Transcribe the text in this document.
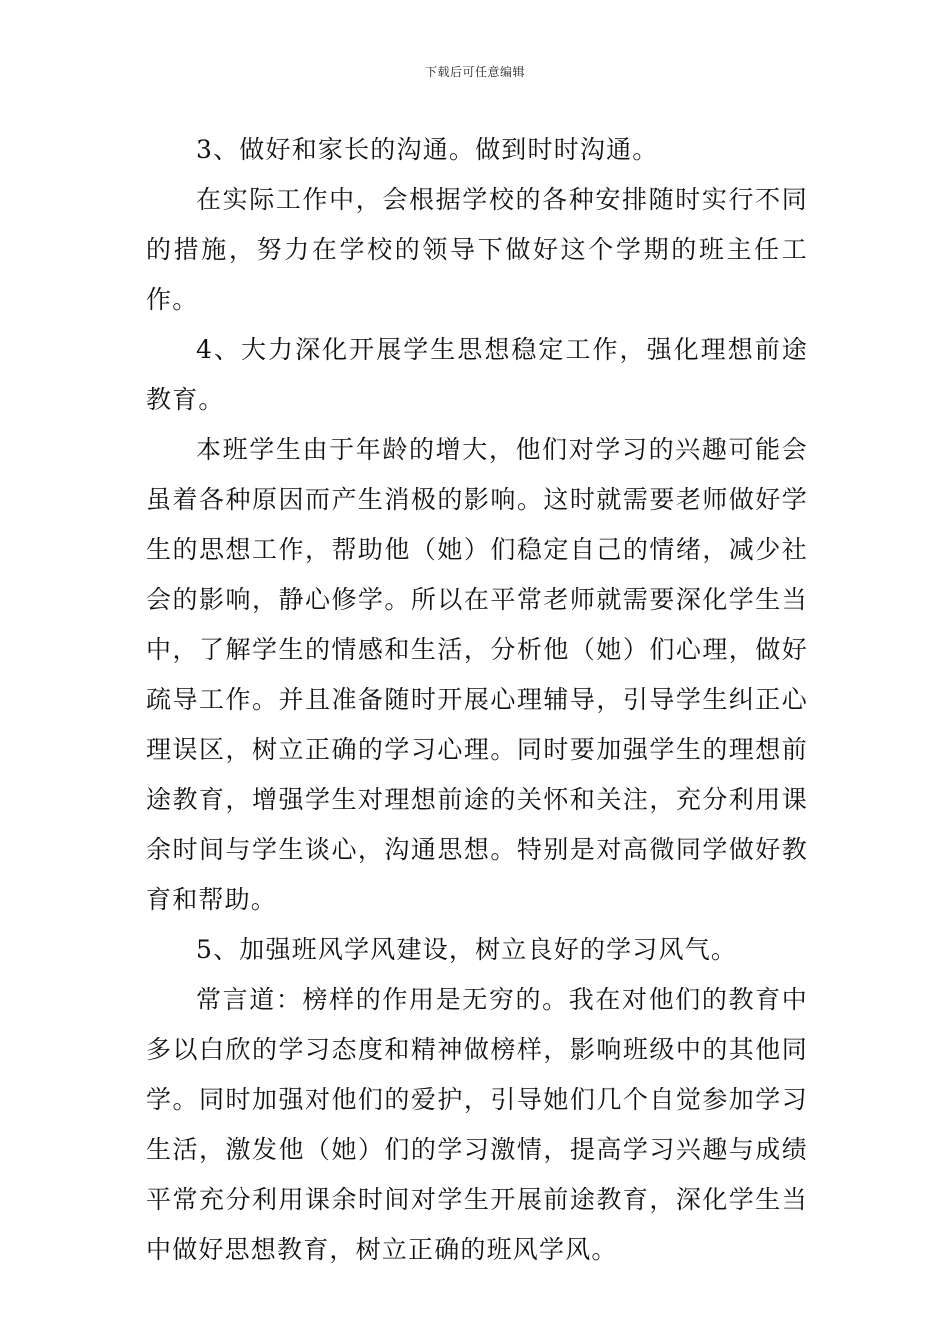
下载后可任意编辑

3、做好和家长的沟通。做到时时沟通。

在实际工作中，会根据学校的各种安排随时实行不同的措施，努力在学校的领导下做好这个学期的班主任工作。

4、大力深化开展学生思想稳定工作，强化理想前途教育。

本班学生由于年龄的增大，他们对学习的兴趣可能会虽着各种原因而产生消极的影响。这时就需要老师做好学生的思想工作，帮助他（她）们稳定自己的情绪，减少社会的影响，静心修学。所以在平常老师就需要深化学生当中，了解学生的情感和生活，分析他（她）们心理，做好疏导工作。并且准备随时开展心理辅导，引导学生纠正心理误区，树立正确的学习心理。同时要加强学生的理想前途教育，增强学生对理想前途的关怀和关注，充分利用课余时间与学生谈心，沟通思想。特别是对高微同学做好教育和帮助。

5、加强班风学风建设，树立良好的学习风气。

常言道：榜样的作用是无穷的。我在对他们的教育中多以白欣的学习态度和精神做榜样，影响班级中的其他同学。同时加强对他们的爱护，引导她们几个自觉参加学习生活，激发他（她）们的学习激情，提高学习兴趣与成绩平常充分利用课余时间对学生开展前途教育，深化学生当中做好思想教育，树立正确的班风学风。
